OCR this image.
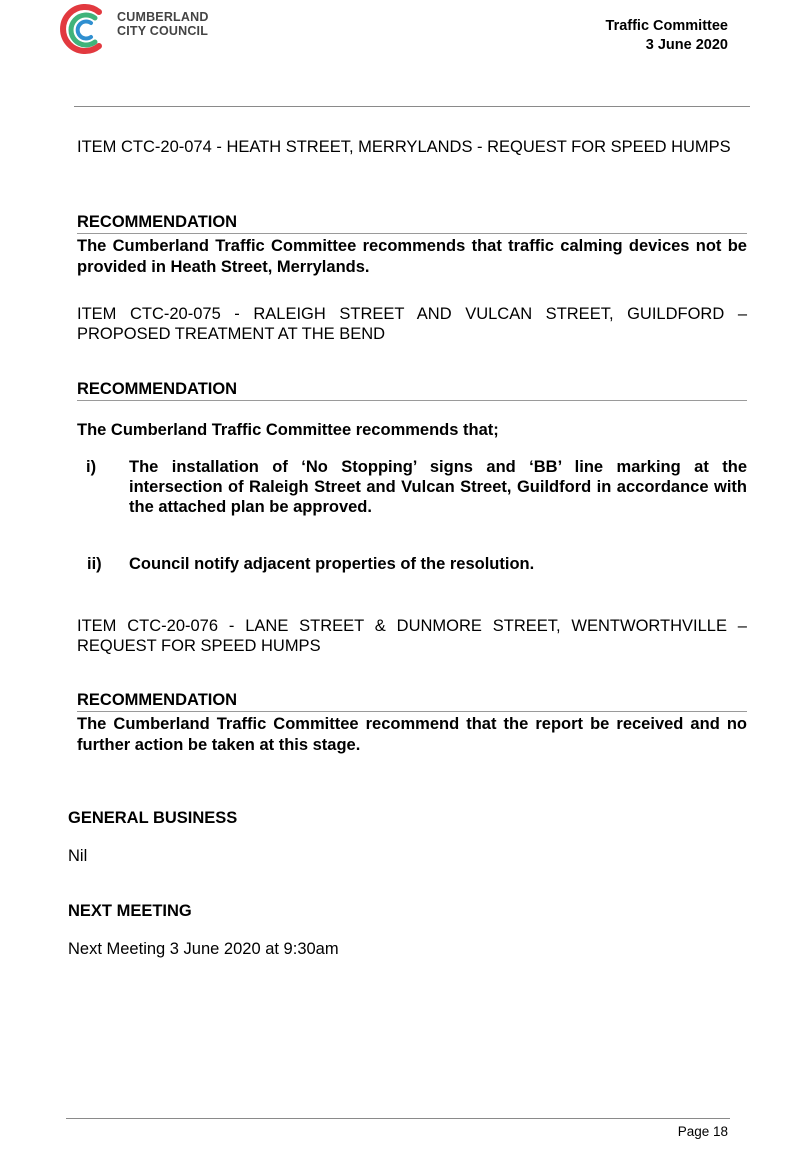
CUMBERLAND
CITY COUNCIL	Traffic Committee
3 June 2020
ITEM CTC-20-074 - HEATH STREET, MERRYLANDS - REQUEST FOR SPEED HUMPS
RECOMMENDATION
The Cumberland Traffic Committee recommends that traffic calming devices not be provided in Heath Street, Merrylands.
ITEM CTC-20-075 - RALEIGH STREET AND VULCAN STREET, GUILDFORD – PROPOSED TREATMENT AT THE BEND
RECOMMENDATION
The Cumberland Traffic Committee recommends that;
i) The installation of ‘No Stopping’ signs and ‘BB’ line marking at the intersection of Raleigh Street and Vulcan Street, Guildford in accordance with the attached plan be approved.
ii) Council notify adjacent properties of the resolution.
ITEM CTC-20-076 - LANE STREET & DUNMORE STREET, WENTWORTHVILLE – REQUEST FOR SPEED HUMPS
RECOMMENDATION
The Cumberland Traffic Committee recommend that the report be received and no further action be taken at this stage.
GENERAL BUSINESS
Nil
NEXT MEETING
Next Meeting 3 June 2020 at 9:30am
Page 18
